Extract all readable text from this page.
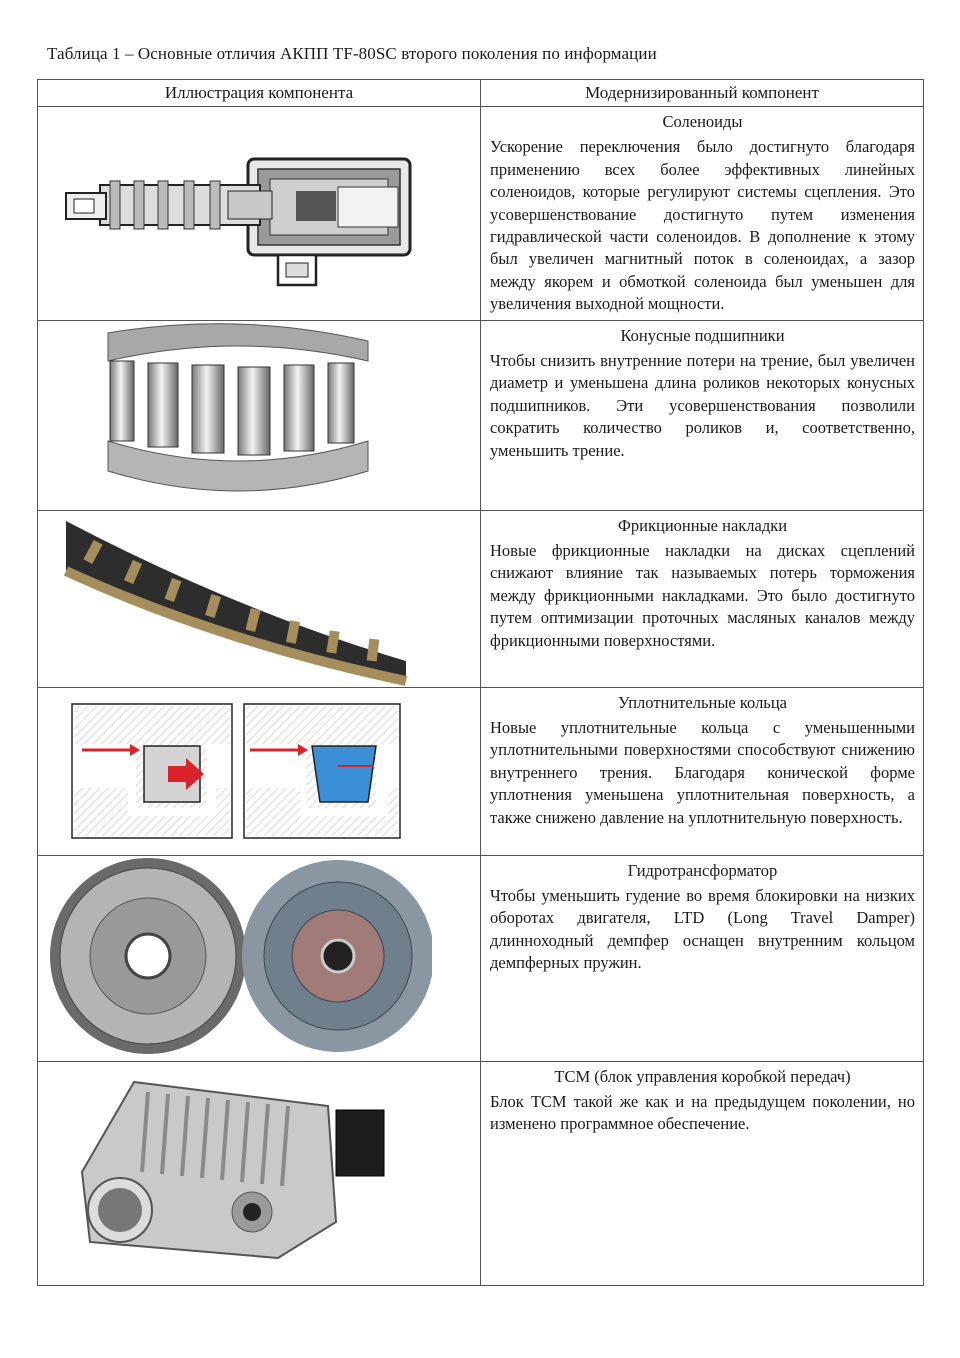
Таблица 1 – Основные отличия АКПП TF-80SC второго поколения по информации
Иллюстрация компонента	Модернизированный компонент

Соленоиды
Ускорение переключения было достигнуто благодаря применению всех более эффективных линейных соленоидов, которые регулируют системы сцепления. Это усовершенствование достигнуто путем изменения гидравлической части соленоидов. В дополнение к этому был увеличен магнитный поток в соленоидах, а зазор между якорем и обмоткой соленоида был уменьшен для увеличения выходной мощности.

Конусные подшипники
Чтобы снизить внутренние потери на трение, был увеличен диаметр и уменьшена длина роликов некоторых конусных подшипников. Эти усовершенствования позволили сократить количество роликов и, соответственно, уменьшить трение.

Фрикционные накладки
Новые фрикционные накладки на дисках сцеплений снижают влияние так называемых потерь торможения между фрикционными накладками. Это было достигнуто путем оптимизации проточных масляных каналов между фрикционными поверхностями.

Уплотнительные кольца
Новые уплотнительные кольца с уменьшенными уплотнительными поверхностями способствуют снижению внутреннего трения. Благодаря конической форме уплотнения уменьшена уплотнительная поверхность, а также снижено давление на уплотнительную поверхность.

Гидротрансформатор
Чтобы уменьшить гудение во время блокировки на низких оборотах двигателя, LTD (Long Travel Damper) длинноходный демпфер оснащен внутренним кольцом демпферных пружин.

TCM (блок управления коробкой передач)
Блок TCM такой же как и на предыдущем поколении, но изменено программное обеспечение.
